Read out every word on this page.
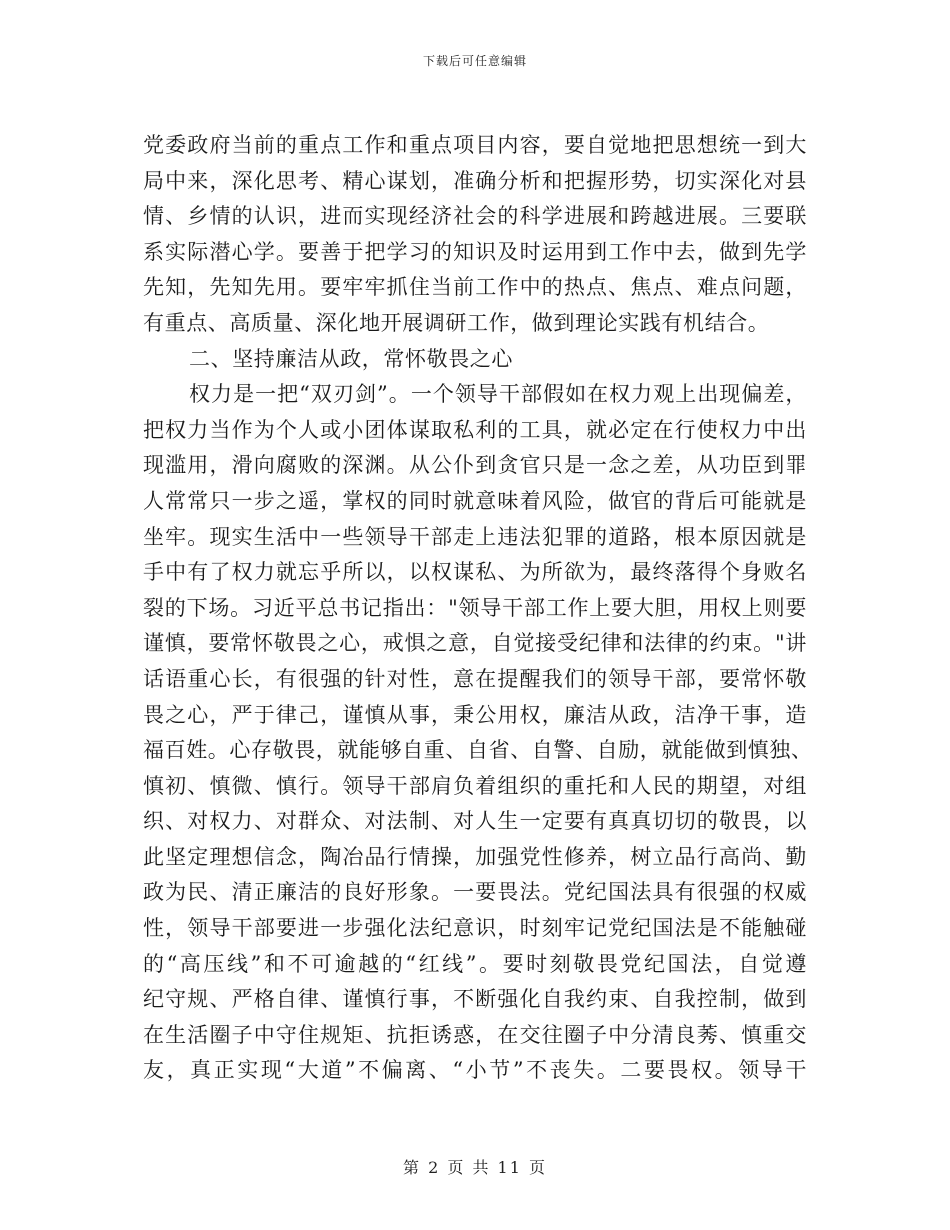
下载后可任意编辑
党委政府当前的重点工作和重点项目内容，要自觉地把思想统一到大
局中来，深化思考、精心谋划，准确分析和把握形势，切实深化对县
情、乡情的认识，进而实现经济社会的科学进展和跨越进展。三要联
系实际潜心学。要善于把学习的知识及时运用到工作中去，做到先学
先知，先知先用。要牢牢抓住当前工作中的热点、焦点、难点问题，
有重点、高质量、深化地开展调研工作，做到理论实践有机结合。
二、坚持廉洁从政，常怀敬畏之心
权力是一把“双刃剑”。一个领导干部假如在权力观上出现偏差，
把权力当作为个人或小团体谋取私利的工具，就必定在行使权力中出
现滥用，滑向腐败的深渊。从公仆到贪官只是一念之差，从功臣到罪
人常常只一步之遥，掌权的同时就意味着风险，做官的背后可能就是
坐牢。现实生活中一些领导干部走上违法犯罪的道路，根本原因就是
手中有了权力就忘乎所以，以权谋私、为所欲为，最终落得个身败名
裂的下场。习近平总书记指出："领导干部工作上要大胆，用权上则要
谨慎，要常怀敬畏之心，戒惧之意，自觉接受纪律和法律的约束。"讲
话语重心长，有很强的针对性，意在提醒我们的领导干部，要常怀敬
畏之心，严于律己，谨慎从事，秉公用权，廉洁从政，洁净干事，造
福百姓。心存敬畏，就能够自重、自省、自警、自励，就能做到慎独、
慎初、慎微、慎行。领导干部肩负着组织的重托和人民的期望，对组
织、对权力、对群众、对法制、对人生一定要有真真切切的敬畏，以
此坚定理想信念，陶冶品行情操，加强党性修养，树立品行高尚、勤
政为民、清正廉洁的良好形象。一要畏法。党纪国法具有很强的权威
性，领导干部要进一步强化法纪意识，时刻牢记党纪国法是不能触碰
的“高压线”和不可逾越的“红线”。要时刻敬畏党纪国法，自觉遵
纪守规、严格自律、谨慎行事，不断强化自我约束、自我控制，做到
在生活圈子中守住规矩、抗拒诱惑，在交往圈子中分清良莠、慎重交
友，真正实现“大道”不偏离、“小节”不丧失。二要畏权。领导干
第 2 页 共 11 页
